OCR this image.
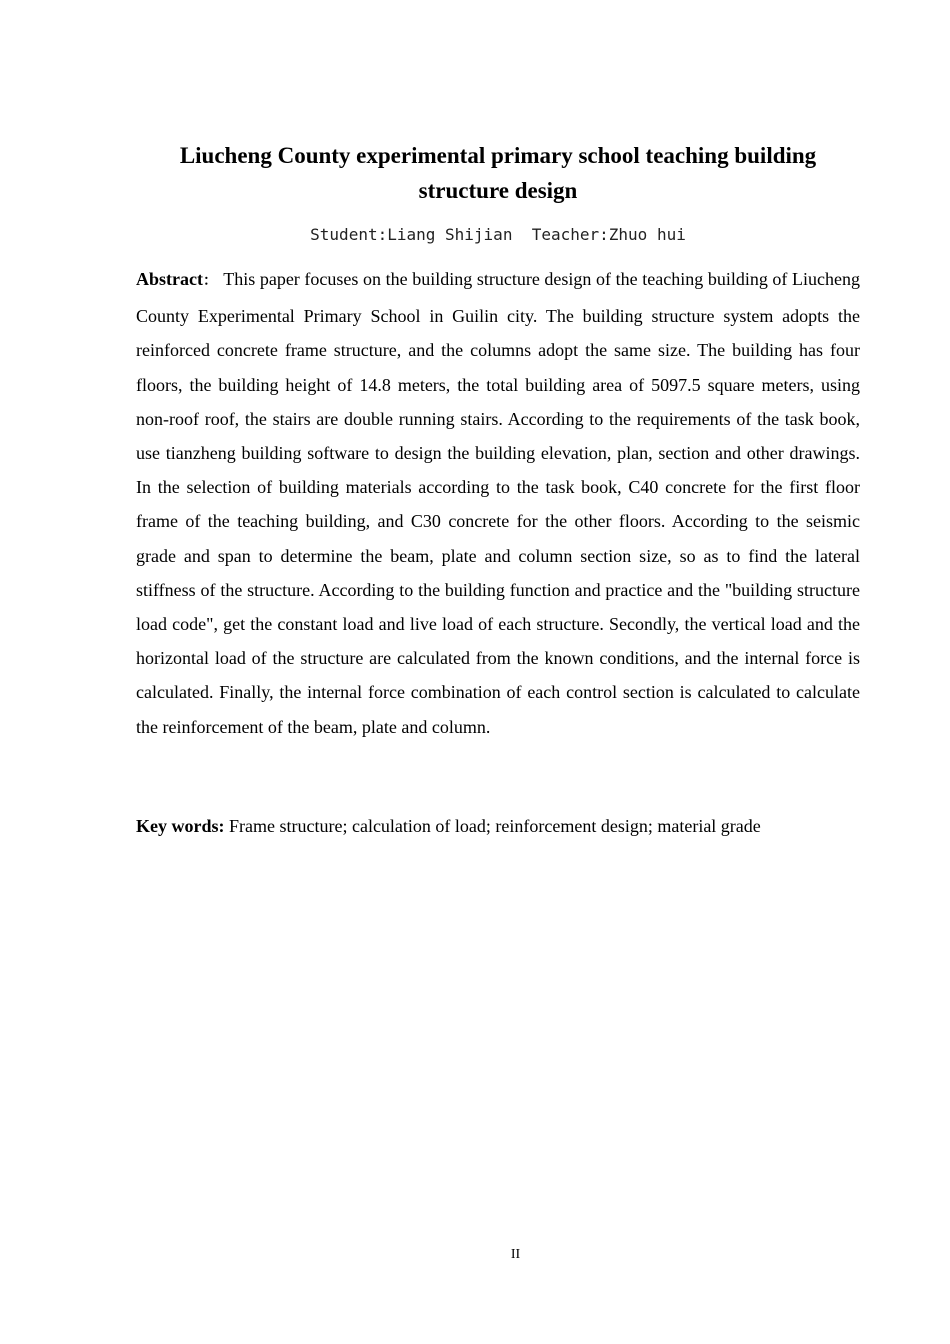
Liucheng County experimental primary school teaching building structure design
Student:Liang Shijian  Teacher:Zhuo hui

Abstract： This paper focuses on the building structure design of the teaching building of Liucheng County Experimental Primary School in Guilin city. The building structure system adopts the reinforced concrete frame structure, and the columns adopt the same size. The building has four floors, the building height of 14.8 meters, the total building area of 5097.5 square meters, using non-roof roof, the stairs are double running stairs. According to the requirements of the task book, use tianzheng building software to design the building elevation, plan, section and other drawings. In the selection of building materials according to the task book, C40 concrete for the first floor frame of the teaching building, and C30 concrete for the other floors. According to the seismic grade and span to determine the beam, plate and column section size, so as to find the lateral stiffness of the structure. According to the building function and practice and the "building structure load code", get the constant load and live load of each structure. Secondly, the vertical load and the horizontal load of the structure are calculated from the known conditions, and the internal force is calculated. Finally, the internal force combination of each control section is calculated to calculate the reinforcement of the beam, plate and column.

Key words: Frame structure; calculation of load; reinforcement design; material grade

II
